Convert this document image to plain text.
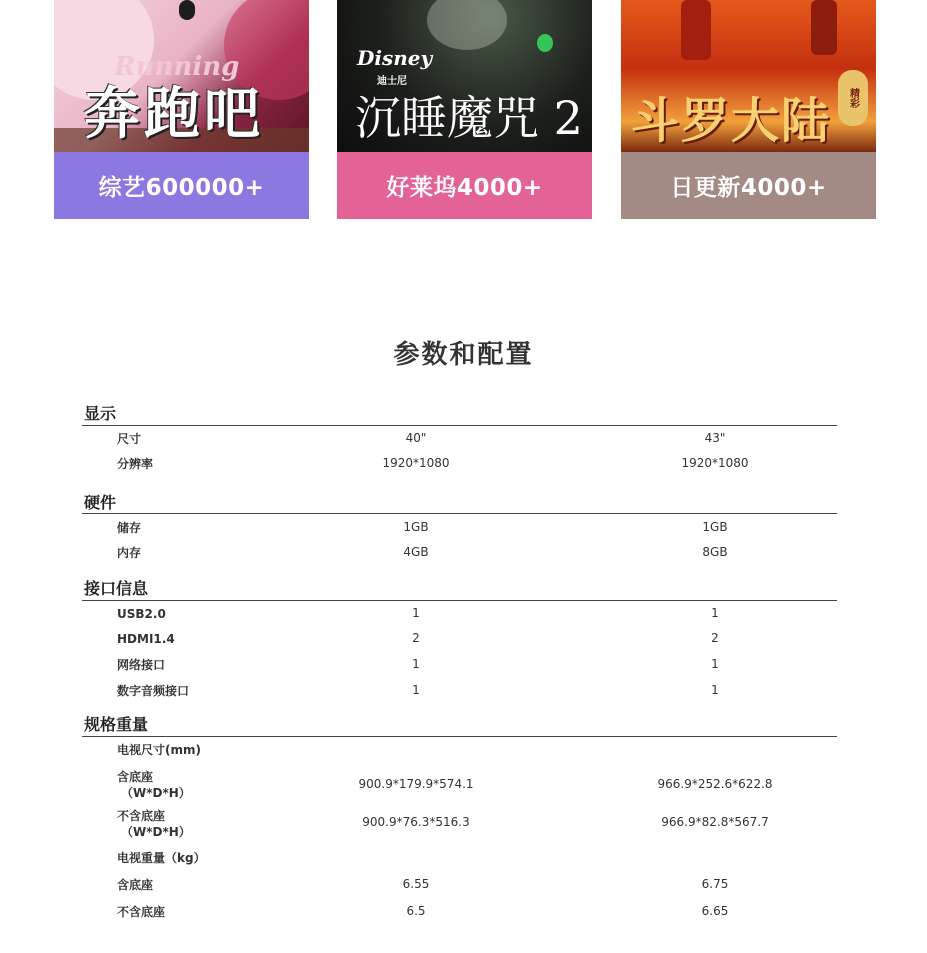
Running
奔跑吧
综艺600000+
Disney
迪士尼
沉睡魔咒 2
好莱坞4000+
斗罗大陆	精彩
日更新4000+
参数和配置
显示
尺寸	40"	43"
分辨率	1920*1080	1920*1080
硬件
储存	1GB	1GB
内存	4GB	8GB
接口信息
USB2.0	1	1
HDMI1.4	2	2
网络接口	1	1
数字音频接口	1	1
规格重量
电视尺寸(mm)
含底座
（W*D*H）
900.9*179.9*574.1	966.9*252.6*622.8
不含底座
（W*D*H）
900.9*76.3*516.3	966.9*82.8*567.7
电视重量（kg）
含底座	6.55	6.75
不含底座	6.5	6.65
